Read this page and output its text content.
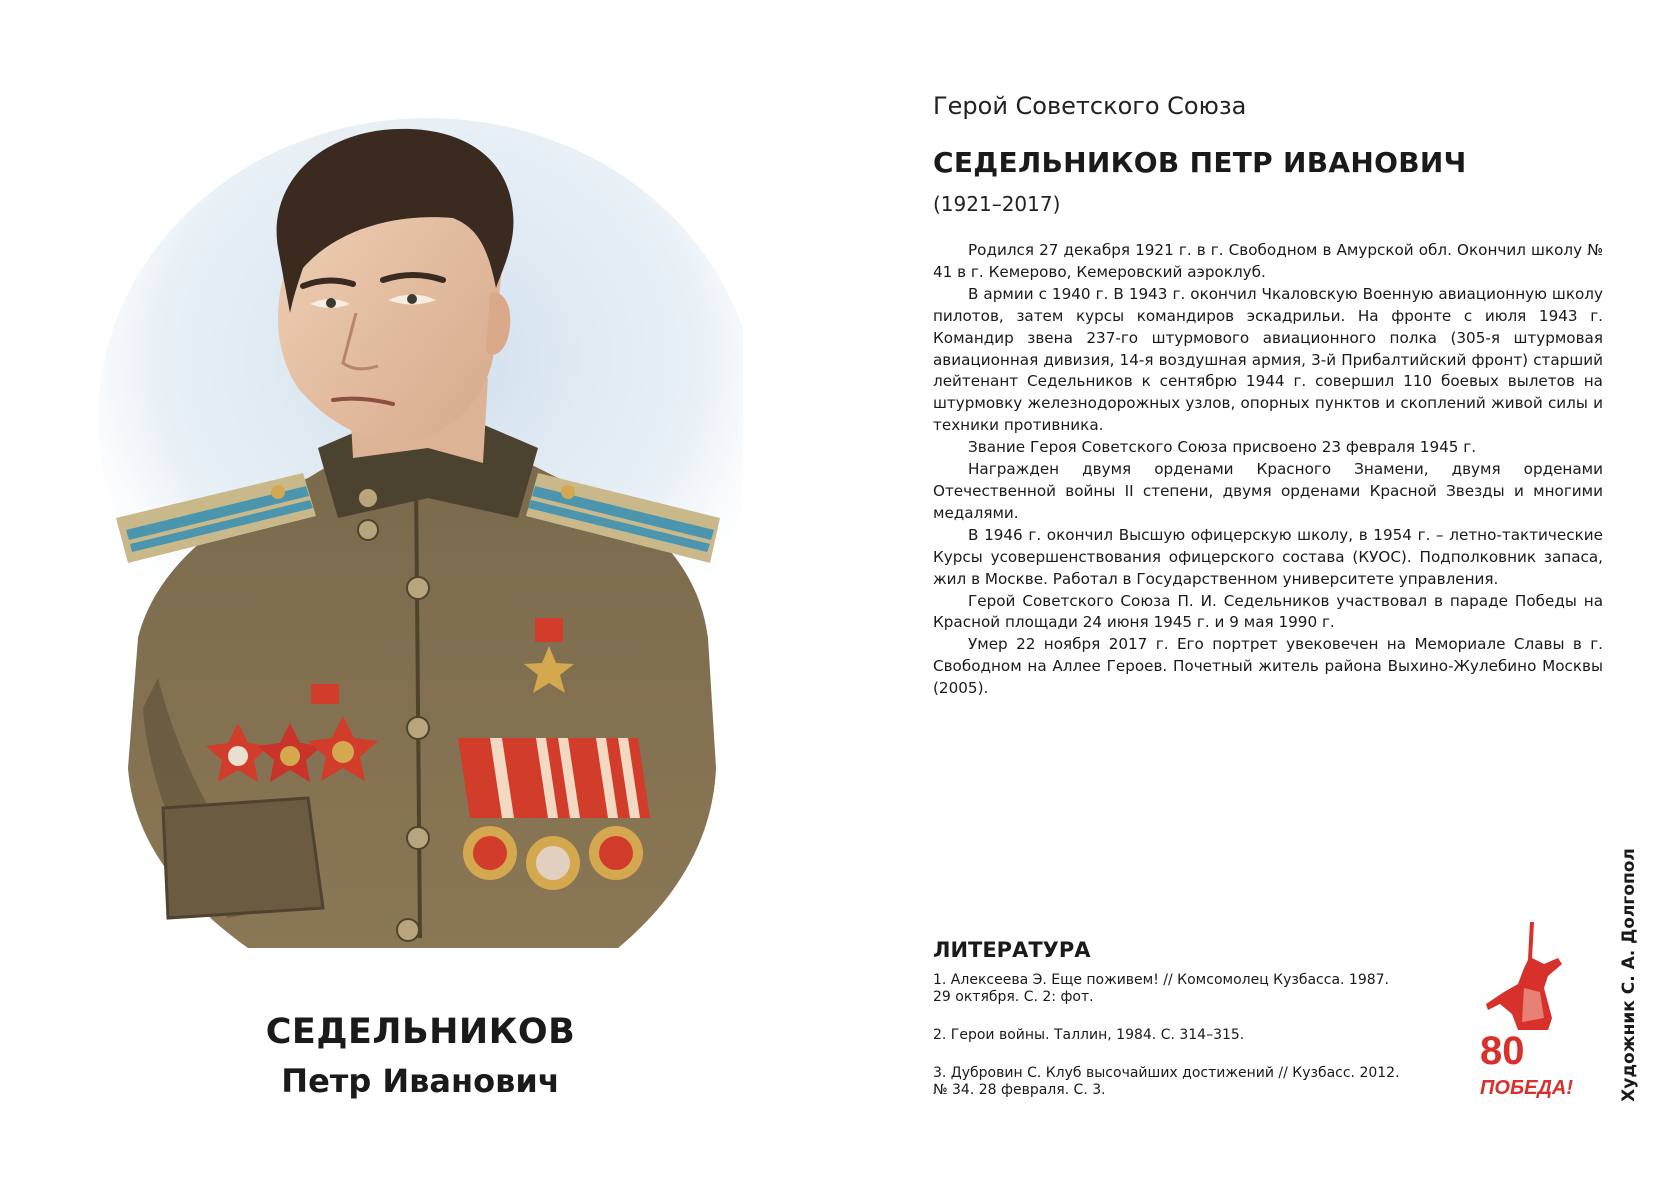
СЕДЕЛЬНИКОВ
Петр Иванович
Герой Советского Союза
СЕДЕЛЬНИКОВ ПЕТР ИВАНОВИЧ
(1921–2017)

Родился 27 декабря 1921 г. в г. Свободном в Амурской обл. Окончил школу № 41 в г. Кемерово, Кемеровский аэроклуб.

В армии с 1940 г. В 1943 г. окончил Чкаловскую Военную авиационную школу пилотов, затем курсы командиров эскадрильи. На фронте с июля 1943 г. Командир звена 237-го штурмового авиационного полка (305-я штурмовая авиационная дивизия, 14-я воздушная армия, 3-й Прибалтийский фронт) старший лейтенант Седельников к сентябрю 1944 г. совершил 110 боевых вылетов на штурмовку железнодорожных узлов, опорных пунктов и скоплений живой силы и техники противника.

Звание Героя Советского Союза присвоено 23 февраля 1945 г.

Награжден двумя орденами Красного Знамени, двумя орденами Отечественной войны II степени, двумя орденами Красной Звезды и многими медалями.

В 1946 г. окончил Высшую офицерскую школу, в 1954 г. – летно-тактические Курсы усовершенствования офицерского состава (КУОС). Подполковник запаса, жил в Москве. Работал в Государственном университете управления.

Герой Советского Союза П. И. Седельников участвовал в параде Победы на Красной площади 24 июня 1945 г. и 9 мая 1990 г.

Умер 22 ноября 2017 г. Его портрет увековечен на Мемориале Славы в г. Свободном на Аллее Героев. Почетный житель района Выхино-Жулебино Москвы (2005).

ЛИТЕРАТУРА
1. Алексеева Э. Еще поживем! // Комсомолец Кузбасса. 1987. 29 октября. С. 2: фот.
2. Герои войны. Таллин, 1984. С. 314–315.
3. Дубровин С. Клуб высочайших достижений // Кузбасс. 2012. № 34. 28 февраля. С. 3.
80
ПОБЕДА!	Художник С. А. Долгопол
